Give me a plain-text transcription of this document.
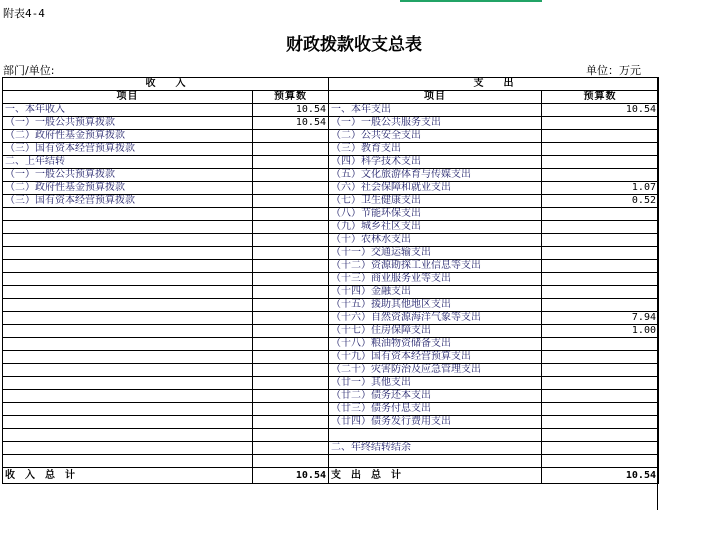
附表4-4
财政拨款收支总表
部门/单位:	单位：万元
收　　入		支　　出	
项目	预算数	项目	预算数
一、本年收入	10.54	一、本年支出	10.54
（一）一般公共预算拨款	10.54	（一）一般公共服务支出	
（二）政府性基金预算拨款		（二）公共安全支出	
（三）国有资本经营预算拨款		（三）教育支出	
二、上年结转		（四）科学技术支出	
（一）一般公共预算拨款		（五）文化旅游体育与传媒支出	
（二）政府性基金预算拨款		（六）社会保障和就业支出	1.07
（三）国有资本经营预算拨款		（七）卫生健康支出	0.52
		（八）节能环保支出	
		（九）城乡社区支出	
		（十）农林水支出	
		（十一）交通运输支出	
		（十二）资源勘探工业信息等支出	
		（十三）商业服务业等支出	
		（十四）金融支出	
		（十五）援助其他地区支出	
		（十六）自然资源海洋气象等支出	7.94
		（十七）住房保障支出	1.00
		（十八）粮油物资储备支出	
		（十九）国有资本经营预算支出	
		（二十）灾害防治及应急管理支出	
		（廿一）其他支出	
		（廿二）债务还本支出	
		（廿三）债务付息支出	
		（廿四）债务发行费用支出	

		二、年终结转结余	

收入总计	10.54	支出总计	10.54
